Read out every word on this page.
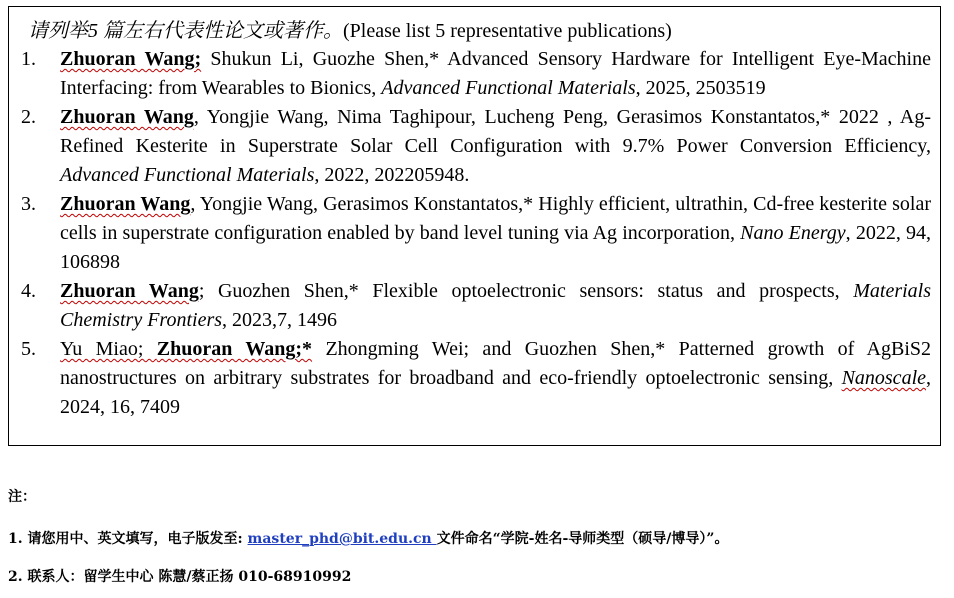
请列举5 篇左右代表性论文或著作。(Please list 5 representative publications)
1. Zhuoran Wang; Shukun Li, Guozhe Shen,* Advanced Sensory Hardware for Intelligent Eye-Machine Interfacing: from Wearables to Bionics, Advanced Functional Materials, 2025, 2503519
2. Zhuoran Wang, Yongjie Wang, Nima Taghipour, Lucheng Peng, Gerasimos Konstantatos,* 2022 , Ag-Refined Kesterite in Superstrate Solar Cell Configuration with 9.7% Power Conversion Efficiency, Advanced Functional Materials, 2022, 202205948.
3. Zhuoran Wang, Yongjie Wang, Gerasimos Konstantatos,* Highly efficient, ultrathin, Cd-free kesterite solar cells in superstrate configuration enabled by band level tuning via Ag incorporation, Nano Energy, 2022, 94, 106898
4. Zhuoran Wang; Guozhen Shen,* Flexible optoelectronic sensors: status and prospects, Materials Chemistry Frontiers, 2023,7, 1496
5. Yu Miao; Zhuoran Wang;* Zhongming Wei; and Guozhen Shen,* Patterned growth of AgBiS2 nanostructures on arbitrary substrates for broadband and eco-friendly optoelectronic sensing, Nanoscale, 2024, 16, 7409
注：
1. 请您用中、英文填写，电子版发至: master_phd@bit.edu.cn 文件命名“学院-姓名-导师类型（硕导/博导）”。
2. 联系人：留学生中心 陈慧/蔡正扬 010-68910992
